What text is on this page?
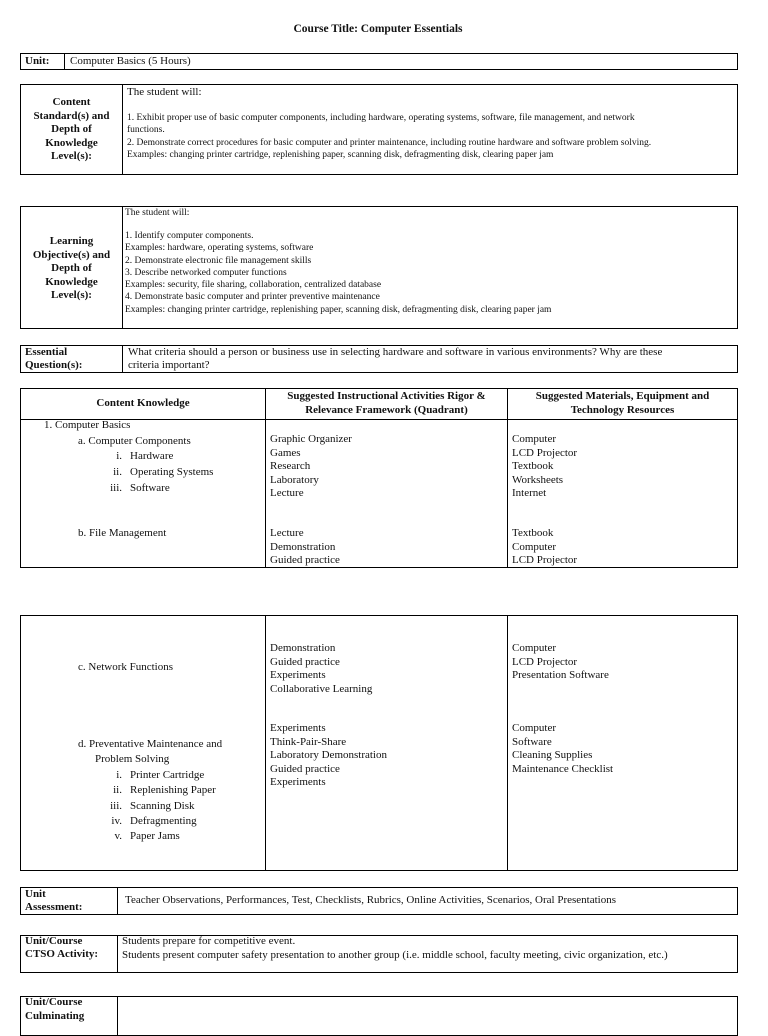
Course Title: Computer Essentials
Unit: Computer Basics (5 Hours)
Content
Standard(s) and
Depth of
Knowledge
Level(s):
The student will:
1. Exhibit proper use of basic computer components, including hardware, operating systems, software, file management, and network
functions.
2. Demonstrate correct procedures for basic computer and printer maintenance, including routine hardware and software problem solving.
Examples: changing printer cartridge, replenishing paper, scanning disk, defragmenting disk, clearing paper jam
Learning
Objective(s) and
Depth of
Knowledge
Level(s):
The student will:
1. Identify computer components.
Examples: hardware, operating systems, software
2. Demonstrate electronic file management skills
3. Describe networked computer functions
Examples: security, file sharing, collaboration, centralized database
4. Demonstrate basic computer and printer preventive maintenance
Examples: changing printer cartridge, replenishing paper, scanning disk, defragmenting disk, clearing paper jam
Essential
Question(s):
What criteria should a person or business use in selecting hardware and software in various environments? Why are these
criteria important?
Content Knowledge
Suggested Instructional Activities Rigor &
Relevance Framework (Quadrant)
Suggested Materials, Equipment and
Technology Resources
1. Computer Basics
a. Computer Components
i. Hardware
ii. Operating Systems
iii. Software
Graphic Organizer
Games
Research
Laboratory
Lecture
Computer
LCD Projector
Textbook
Worksheets
Internet
b. File Management	Lecture
Demonstration
Guided practice
Textbook
Computer
LCD Projector
c. Network Functions
Demonstration
Guided practice
Experiments
Collaborative Learning
Computer
LCD Projector
Presentation Software
d. Preventative Maintenance and
Problem Solving
i. Printer Cartridge
ii. Replenishing Paper
iii. Scanning Disk
iv. Defragmenting
v. Paper Jams
Experiments
Think-Pair-Share
Laboratory Demonstration
Guided practice
Experiments
Computer
Software
Cleaning Supplies
Maintenance Checklist
Unit
Assessment:
Teacher Observations, Performances, Test, Checklists, Rubrics, Online Activities, Scenarios, Oral Presentations
Unit/Course
CTSO Activity:
Students prepare for competitive event.
Students present computer safety presentation to another group (i.e. middle school, faculty meeting, civic organization, etc.)
Unit/Course
Culminating
